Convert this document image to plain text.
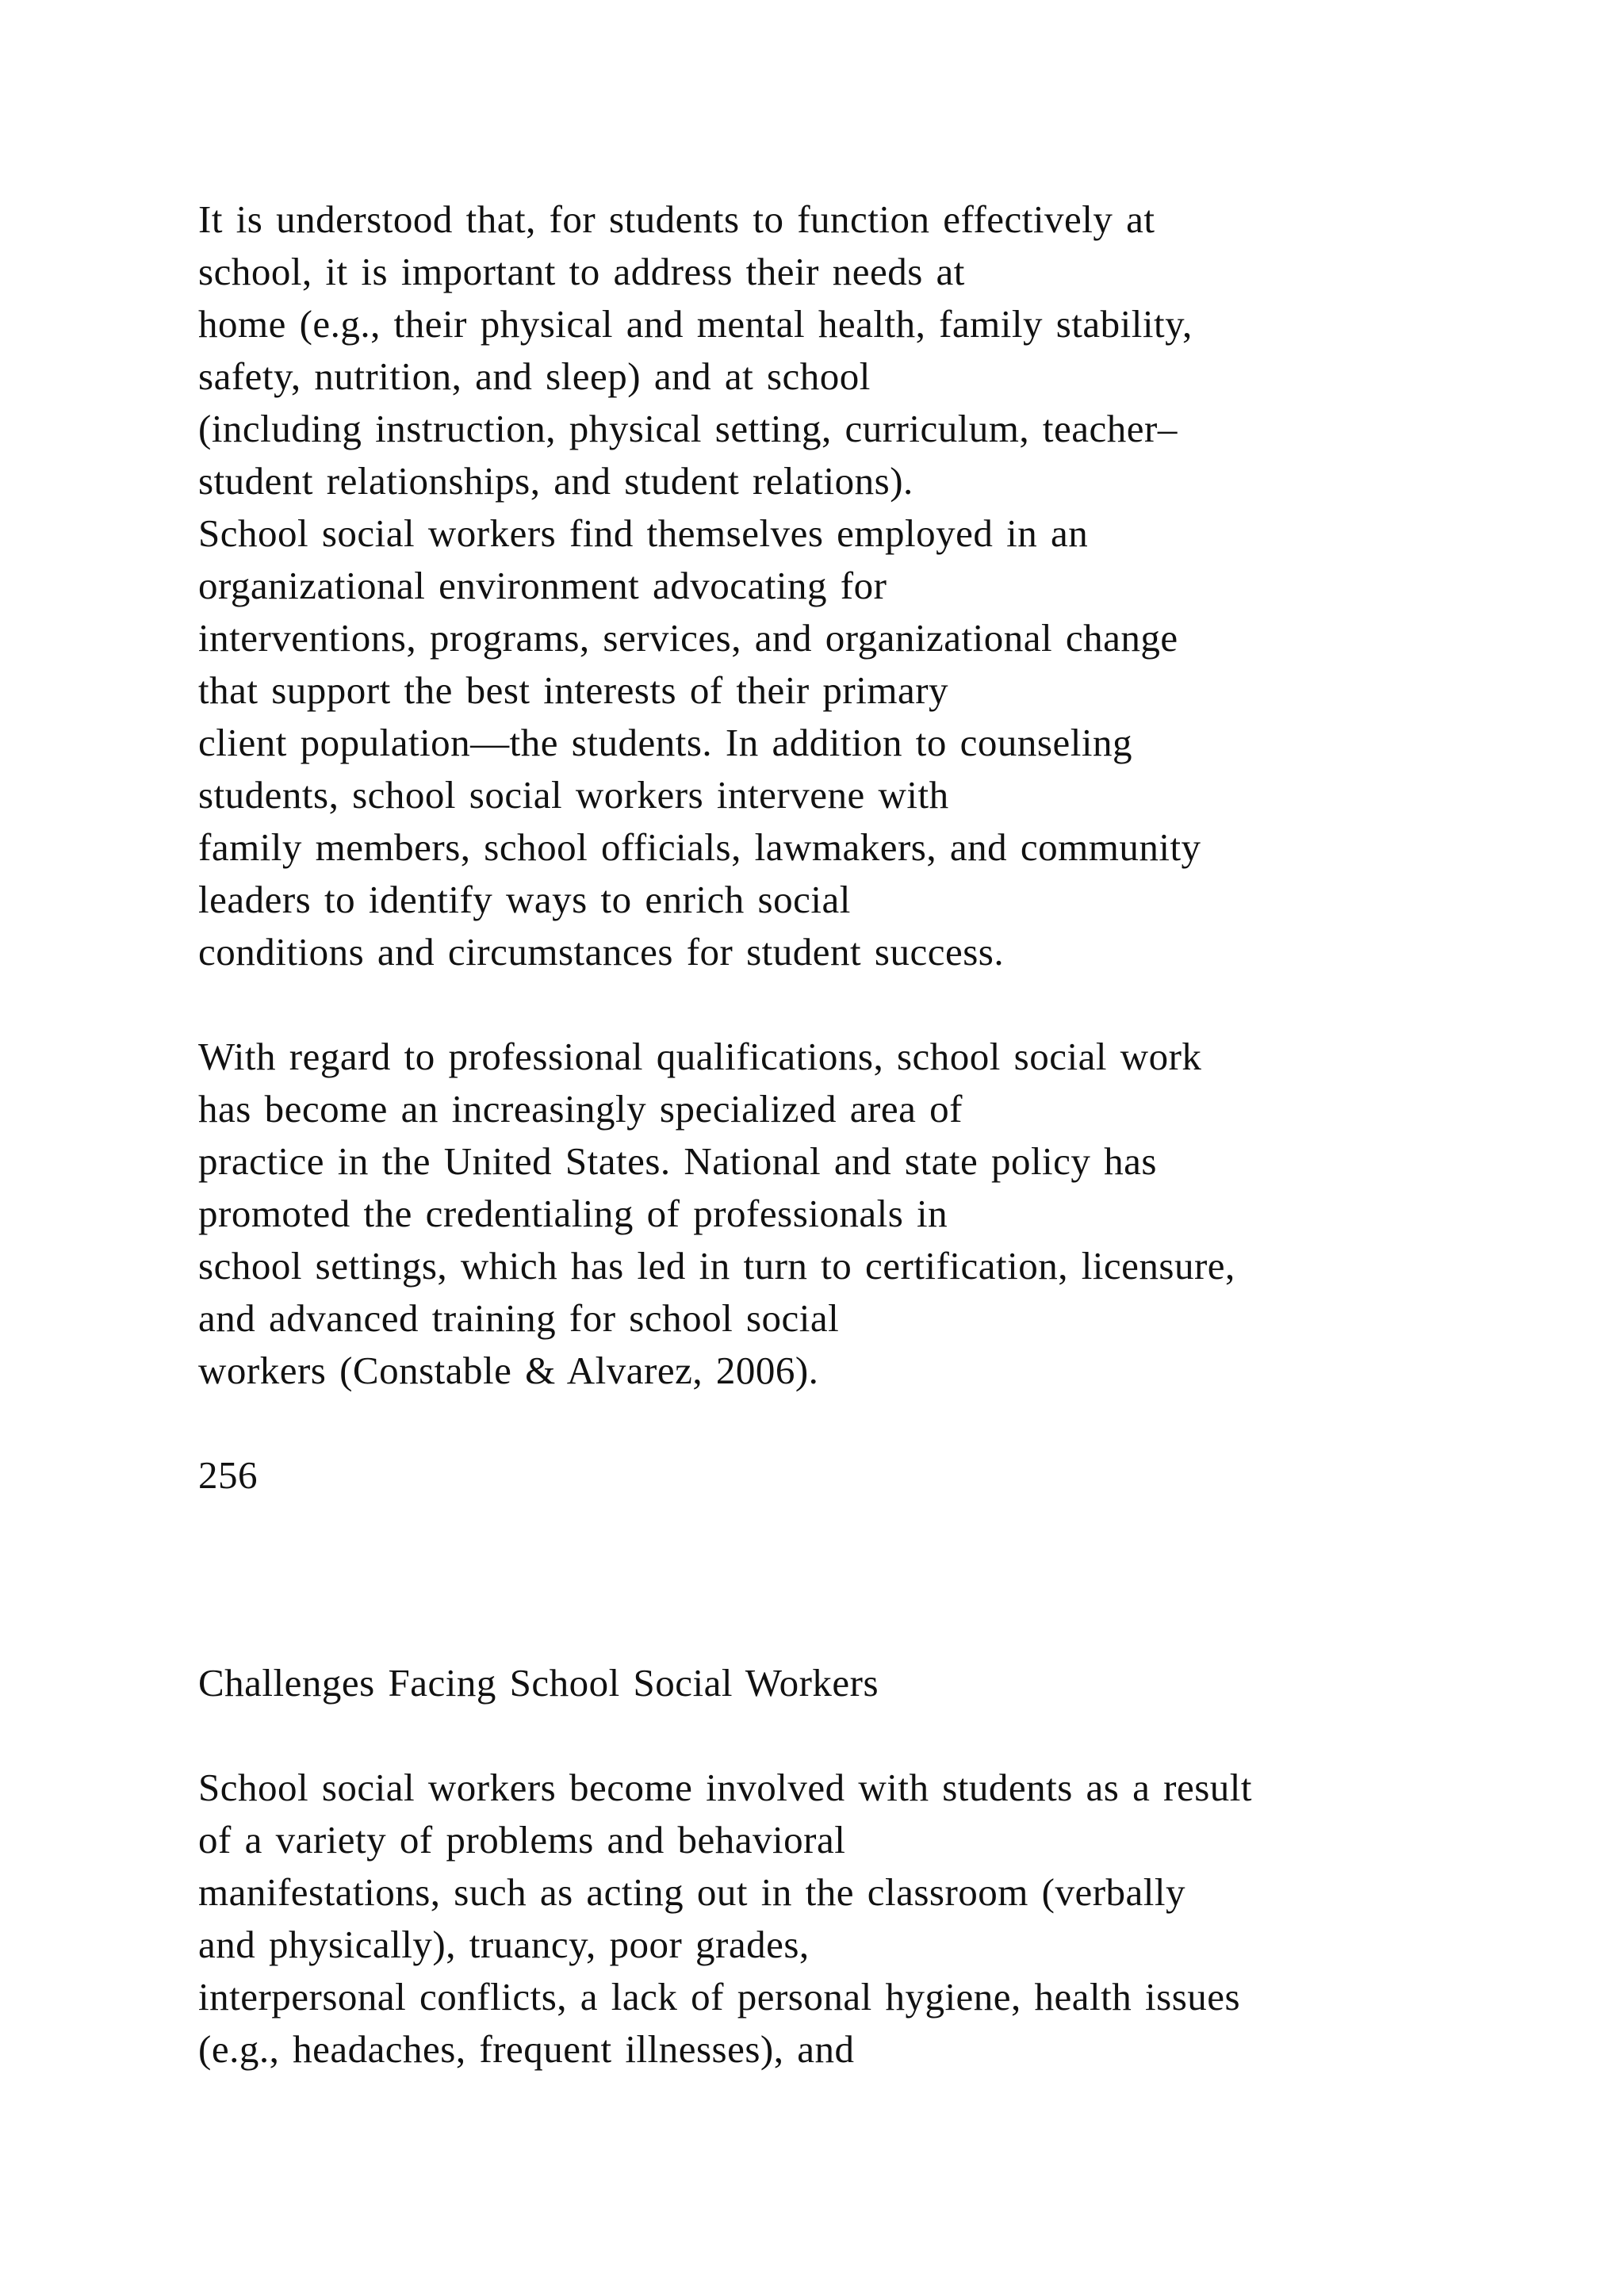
It is understood that, for students to function effectively at

school, it is important to address their needs at

home (e.g., their physical and mental health, family stability,

safety, nutrition, and sleep) and at school

(including instruction, physical setting, curriculum, teacher–

student relationships, and student relations).

School social workers find themselves employed in an

organizational environment advocating for

interventions, programs, services, and organizational change

that support the best interests of their primary

client population—the students. In addition to counseling

students, school social workers intervene with

family members, school officials, lawmakers, and community

leaders to identify ways to enrich social

conditions and circumstances for student success.

With regard to professional qualifications, school social work

has become an increasingly specialized area of

practice in the United States. National and state policy has

promoted the credentialing of professionals in

school settings, which has led in turn to certification, licensure,

and advanced training for school social

workers (Constable & Alvarez, 2006).

256

Challenges Facing School Social Workers

School social workers become involved with students as a result

of a variety of problems and behavioral

manifestations, such as acting out in the classroom (verbally

and physically), truancy, poor grades,

interpersonal conflicts, a lack of personal hygiene, health issues

(e.g., headaches, frequent illnesses), and
